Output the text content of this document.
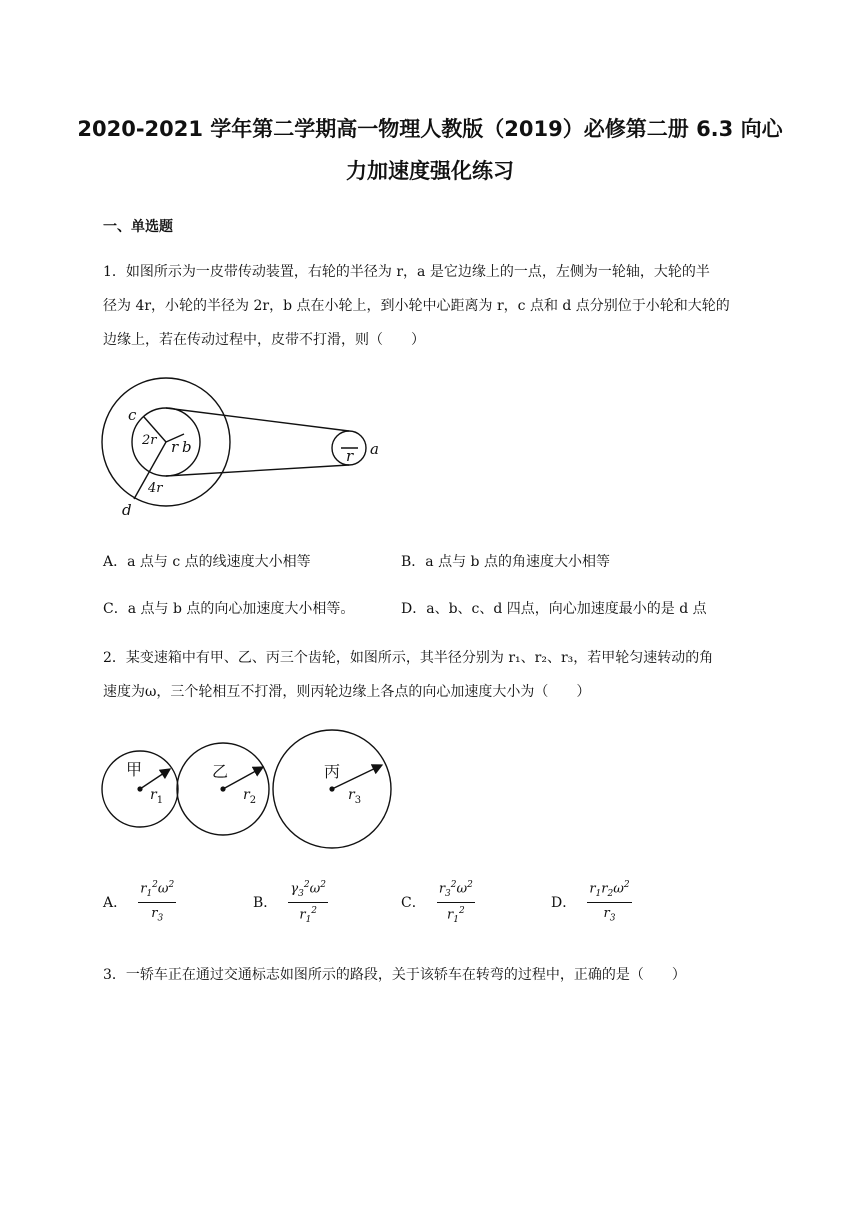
2020-2021 学年第二学期高一物理人教版（2019）必修第二册 6.3 向心
力加速度强化练习
一、单选题
1．如图所示为一皮带传动装置，右轮的半径为 r，a 是它边缘上的一点，左侧为一轮轴，大轮的半
径为 4r，小轮的半径为 2r，b 点在小轮上，到小轮中心距离为 r，c 点和 d 点分别位于小轮和大轮的
边缘上，若在传动过程中，皮带不打滑，则（　　）
c
2r r b
4r
d
r a
A．a 点与 c 点的线速度大小相等	B．a 点与 b 点的角速度大小相等
C．a 点与 b 点的向心加速度大小相等。	D．a、b、c、d 四点，向心加速度最小的是 d 点
2．某变速箱中有甲、乙、丙三个齿轮，如图所示，其半径分别为 r₁、r₂、r₃，若甲轮匀速转动的角
速度为ω，三个轮相互不打滑，则丙轮边缘上各点的向心加速度大小为（　　）
甲	乙	丙
$r_1$	$r_2$	$r_3$
A． $\frac{r_1^2\omega^2}{r_3}$	B． $\frac{\gamma_3^2\omega^2}{r_1^2}$	C． $\frac{r_3^2\omega^2}{r_1^2}$	D． $\frac{r_1r_2\omega^2}{r_3}$
3．一轿车正在通过交通标志如图所示的路段，关于该轿车在转弯的过程中，正确的是（　　）
